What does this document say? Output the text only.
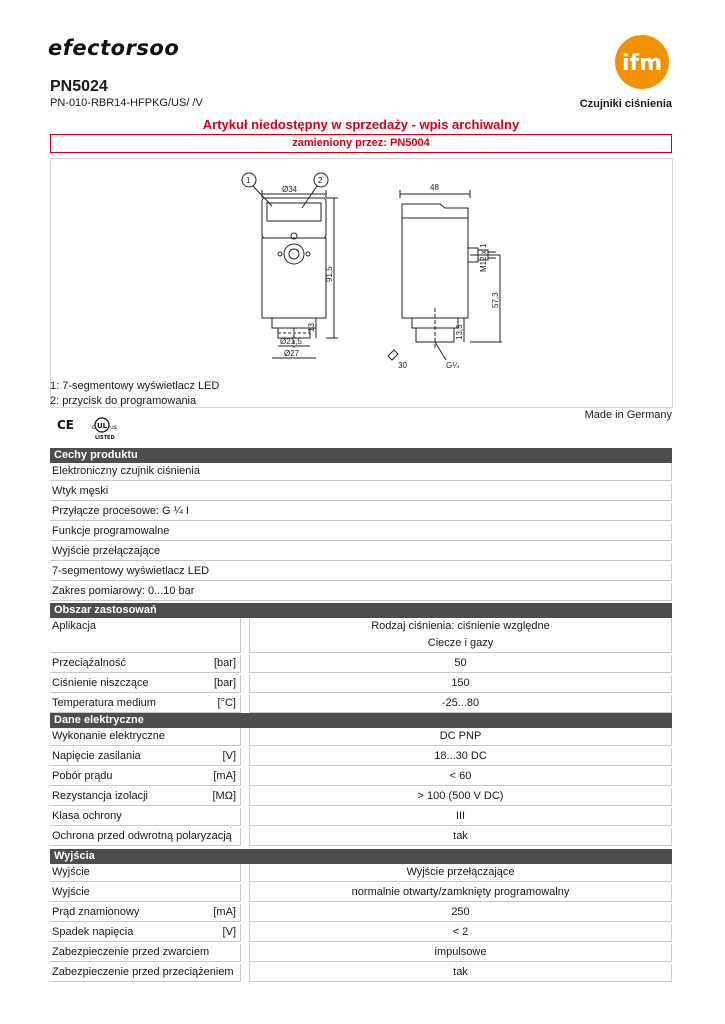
efectorsoo
ifm
PN5024
PN-010-RBR14-HFPKG/US/ /V	Czujniki ciśnienia
Artykuł niedostępny w sprzedaży - wpis archiwalny
zamieniony przez: PN5004
1	2
Ø34
91,5
13
Ø21,5
Ø27
48
M12 x 1
57,3
13,5
30	G¼
1: 7-segmentowy wyświetlacz LED
2: przycisk do programowania
Made in Germany
CE	c UL us
LISTED
Cechy produktu
Elektroniczny czujnik ciśnienia
Wtyk męski
Przyłącze procesowe: G ¼ I
Funkcje programowalne
Wyjście przełączające
7-segmentowy wyświetlacz LED
Zakres pomiarowy: 0...10 bar
Obszar zastosowań
Aplikacja	Rodzaj ciśnienia: ciśnienie względne
Ciecze i gazy
Przeciążalność	[bar]	50
Ciśnienie niszczące	[bar]	150
Temperatura medium	[°C]	-25...80
Dane elektryczne
Wykonanie elektryczne	DC PNP
Napięcie zasilania	[V]	18...30 DC
Pobór prądu	[mA]	< 60
Rezystancja izolacji	[MΩ]	> 100 (500 V DC)
Klasa ochrony	III
Ochrona przed odwrotną polaryzacją	tak
Wyjścia
Wyjście	Wyjście przełączające
Wyjście	normalnie otwarty/zamknięty programowalny
Prąd znamionowy	[mA]	250
Spadek napięcia	[V]	< 2
Zabezpieczenie przed zwarciem	impulsowe
Zabezpieczenie przed przeciążeniem	tak
